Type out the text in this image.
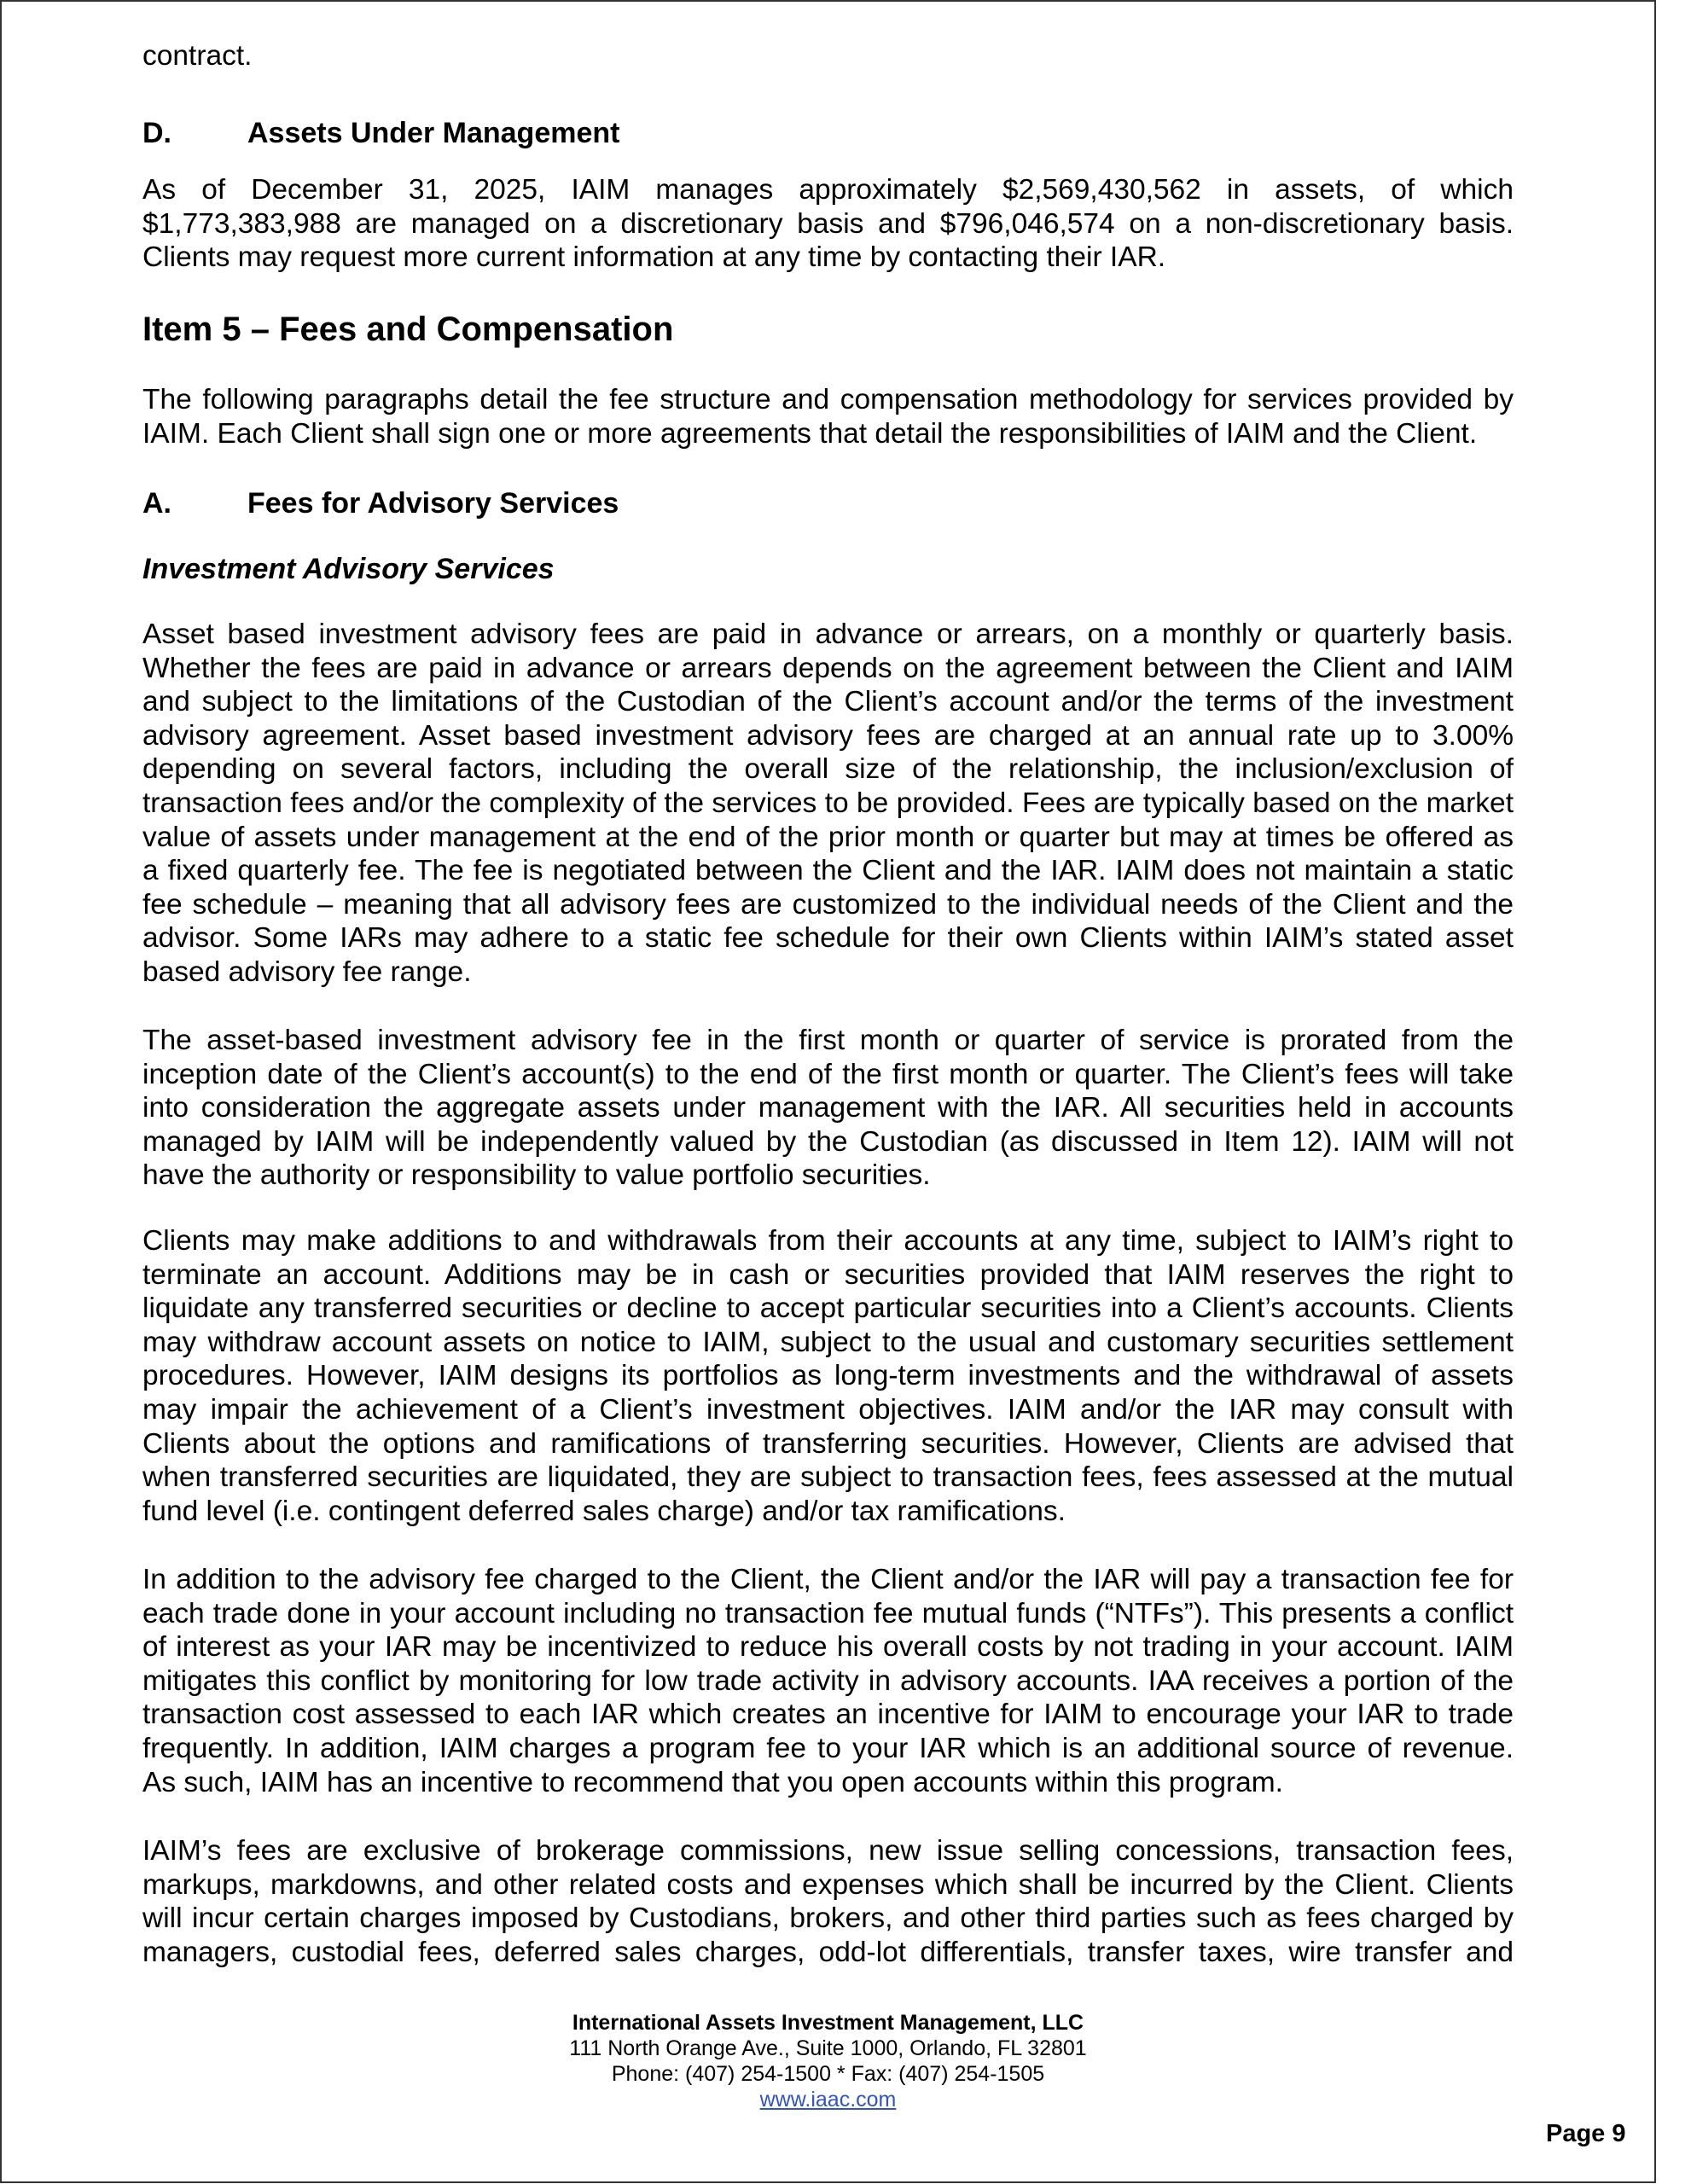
contract.
D.	Assets Under Management
As of December 31, 2025, IAIM manages approximately $2,569,430,562 in assets, of which
$1,773,383,988 are managed on a discretionary basis and $796,046,574 on a non-discretionary basis.
Clients may request more current information at any time by contacting their IAR.
Item 5 – Fees and Compensation
The following paragraphs detail the fee structure and compensation methodology for services provided by
IAIM. Each Client shall sign one or more agreements that detail the responsibilities of IAIM and the Client.
A.	Fees for Advisory Services
Investment Advisory Services
Asset based investment advisory fees are paid in advance or arrears, on a monthly or quarterly basis.
Whether the fees are paid in advance or arrears depends on the agreement between the Client and IAIM
and subject to the limitations of the Custodian of the Client’s account and/or the terms of the investment
advisory agreement. Asset based investment advisory fees are charged at an annual rate up to 3.00%
depending on several factors, including the overall size of the relationship, the inclusion/exclusion of
transaction fees and/or the complexity of the services to be provided. Fees are typically based on the market
value of assets under management at the end of the prior month or quarter but may at times be offered as
a fixed quarterly fee. The fee is negotiated between the Client and the IAR. IAIM does not maintain a static
fee schedule – meaning that all advisory fees are customized to the individual needs of the Client and the
advisor. Some IARs may adhere to a static fee schedule for their own Clients within IAIM’s stated asset
based advisory fee range.
The asset-based investment advisory fee in the first month or quarter of service is prorated from the
inception date of the Client’s account(s) to the end of the first month or quarter. The Client’s fees will take
into consideration the aggregate assets under management with the IAR. All securities held in accounts
managed by IAIM will be independently valued by the Custodian (as discussed in Item 12). IAIM will not
have the authority or responsibility to value portfolio securities.
Clients may make additions to and withdrawals from their accounts at any time, subject to IAIM’s right to
terminate an account. Additions may be in cash or securities provided that IAIM reserves the right to
liquidate any transferred securities or decline to accept particular securities into a Client’s accounts. Clients
may withdraw account assets on notice to IAIM, subject to the usual and customary securities settlement
procedures. However, IAIM designs its portfolios as long-term investments and the withdrawal of assets
may impair the achievement of a Client’s investment objectives. IAIM and/or the IAR may consult with
Clients about the options and ramifications of transferring securities. However, Clients are advised that
when transferred securities are liquidated, they are subject to transaction fees, fees assessed at the mutual
fund level (i.e. contingent deferred sales charge) and/or tax ramifications.
In addition to the advisory fee charged to the Client, the Client and/or the IAR will pay a transaction fee for
each trade done in your account including no transaction fee mutual funds (“NTFs”). This presents a conflict
of interest as your IAR may be incentivized to reduce his overall costs by not trading in your account. IAIM
mitigates this conflict by monitoring for low trade activity in advisory accounts. IAA receives a portion of the
transaction cost assessed to each IAR which creates an incentive for IAIM to encourage your IAR to trade
frequently. In addition, IAIM charges a program fee to your IAR which is an additional source of revenue.
As such, IAIM has an incentive to recommend that you open accounts within this program.
IAIM’s fees are exclusive of brokerage commissions, new issue selling concessions, transaction fees,
markups, markdowns, and other related costs and expenses which shall be incurred by the Client. Clients
will incur certain charges imposed by Custodians, brokers, and other third parties such as fees charged by
managers, custodial fees, deferred sales charges, odd-lot differentials, transfer taxes, wire transfer and
International Assets Investment Management, LLC
111 North Orange Ave., Suite 1000, Orlando, FL 32801
Phone: (407) 254-1500 * Fax: (407) 254-1505
www.iaac.com
Page 9
